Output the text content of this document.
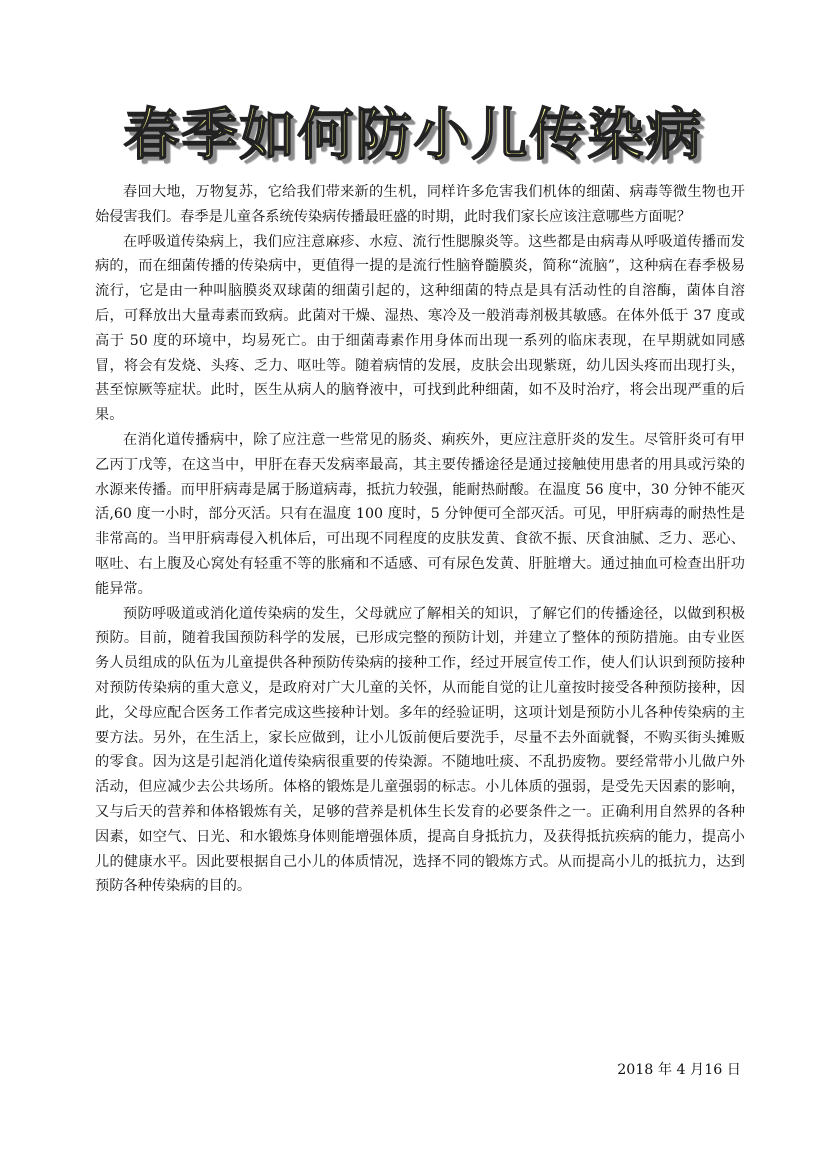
春季如何防小儿传染病

春回大地，万物复苏，它给我们带来新的生机，同样许多危害我们机体的细菌、病毒等微生物也开始侵害我们。春季是儿童各系统传染病传播最旺盛的时期，此时我们家长应该注意哪些方面呢？

在呼吸道传染病上，我们应注意麻疹、水痘、流行性腮腺炎等。这些都是由病毒从呼吸道传播而发病的，而在细菌传播的传染病中，更值得一提的是流行性脑脊髓膜炎，简称“流脑”，这种病在春季极易流行，它是由一种叫脑膜炎双球菌的细菌引起的，这种细菌的特点是具有活动性的自溶酶，菌体自溶后，可释放出大量毒素而致病。此菌对干燥、湿热、寒冷及一般消毒剂极其敏感。在体外低于 37 度或高于 50 度的环境中，均易死亡。由于细菌毒素作用身体而出现一系列的临床表现，在早期就如同感冒，将会有发烧、头疼、乏力、呕吐等。随着病情的发展，皮肤会出现紫斑，幼儿因头疼而出现打头，甚至惊厥等症状。此时，医生从病人的脑脊液中，可找到此种细菌，如不及时治疗，将会出现严重的后果。

在消化道传播病中，除了应注意一些常见的肠炎、痢疾外，更应注意肝炎的发生。尽管肝炎可有甲乙丙丁戊等，在这当中，甲肝在春天发病率最高，其主要传播途径是通过接触使用患者的用具或污染的水源来传播。而甲肝病毒是属于肠道病毒，抵抗力较强，能耐热耐酸。在温度 56 度中，30 分钟不能灭活,60 度一小时，部分灭活。只有在温度 100 度时，5 分钟便可全部灭活。可见，甲肝病毒的耐热性是非常高的。当甲肝病毒侵入机体后，可出现不同程度的皮肤发黄、食欲不振、厌食油腻、乏力、恶心、呕吐、右上腹及心窝处有轻重不等的胀痛和不适感、可有尿色发黄、肝脏增大。通过抽血可检查出肝功能异常。

预防呼吸道或消化道传染病的发生，父母就应了解相关的知识，了解它们的传播途径，以做到积极预防。目前，随着我国预防科学的发展，已形成完整的预防计划，并建立了整体的预防措施。由专业医务人员组成的队伍为儿童提供各种预防传染病的接种工作，经过开展宣传工作，使人们认识到预防接种对预防传染病的重大意义，是政府对广大儿童的关怀，从而能自觉的让儿童按时接受各种预防接种，因此，父母应配合医务工作者完成这些接种计划。多年的经验证明，这项计划是预防小儿各种传染病的主要方法。另外，在生活上，家长应做到，让小儿饭前便后要洗手，尽量不去外面就餐，不购买街头摊贩的零食。因为这是引起消化道传染病很重要的传染源。不随地吐痰、不乱扔废物。要经常带小儿做户外活动，但应减少去公共场所。体格的锻炼是儿童强弱的标志。小儿体质的强弱，是受先天因素的影响，又与后天的营养和体格锻炼有关，足够的营养是机体生长发育的必要条件之一。正确利用自然界的各种因素，如空气、日光、和水锻炼身体则能增强体质，提高自身抵抗力，及获得抵抗疾病的能力，提高小儿的健康水平。因此要根据自己小儿的体质情况，选择不同的锻炼方式。从而提高小儿的抵抗力，达到预防各种传染病的目的。

2018 年 4 月16 日
